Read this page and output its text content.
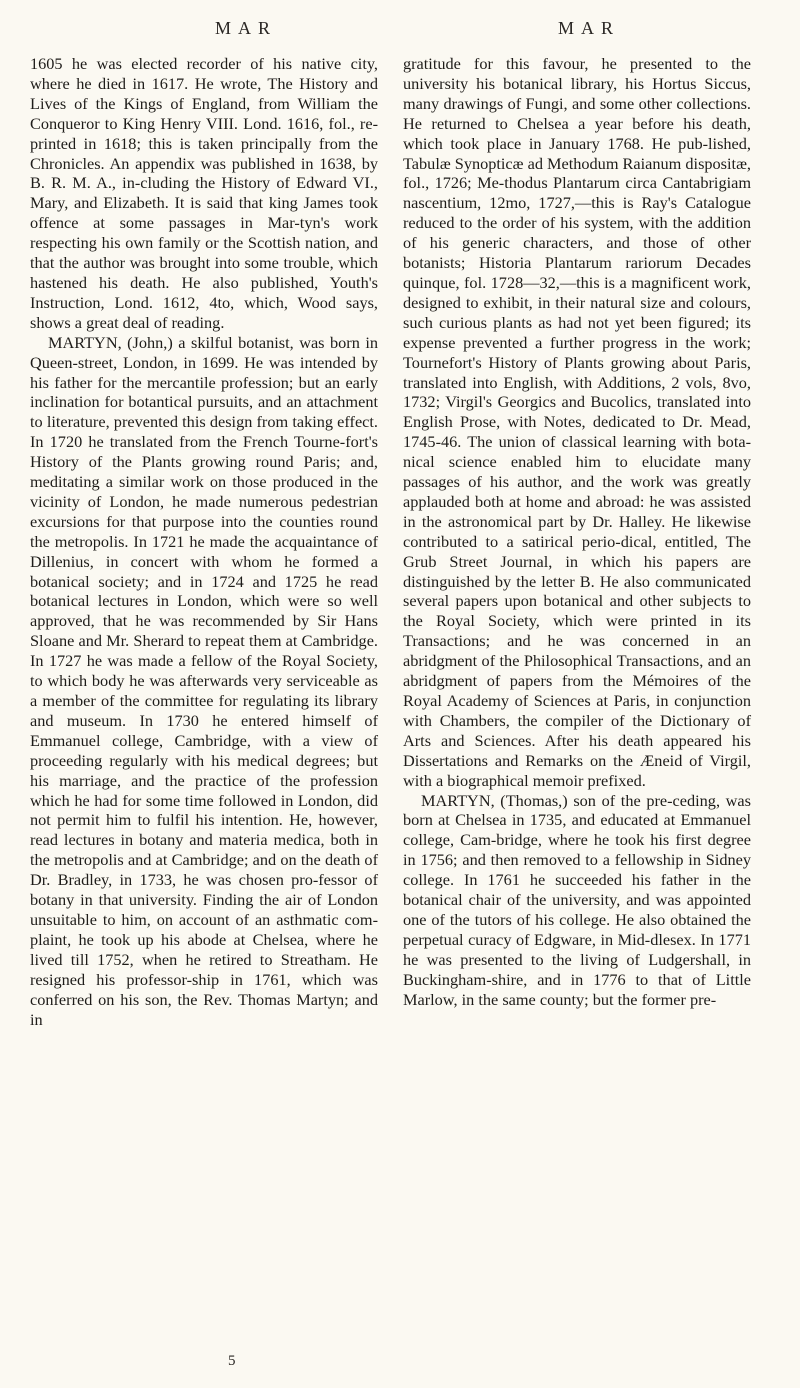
MAR	MAR

1605 he was elected recorder of his native city, where he died in 1617. He wrote, The History and Lives of the Kings of England, from William the Conqueror to King Henry VIII. Lond. 1616, fol., re-printed in 1618; this is taken principally from the Chronicles. An appendix was published in 1638, by B. R. M. A., in-cluding the History of Edward VI., Mary, and Elizabeth. It is said that king James took offence at some passages in Mar-tyn's work respecting his own family or the Scottish nation, and that the author was brought into some trouble, which hastened his death. He also published, Youth's Instruction, Lond. 1612, 4to, which, Wood says, shows a great deal of reading.

MARTYN, (John,) a skilful botanist, was born in Queen-street, London, in 1699. He was intended by his father for the mercantile profession; but an early inclination for botantical pursuits, and an attachment to literature, prevented this design from taking effect. In 1720 he translated from the French Tourne-fort's History of the Plants growing round Paris; and, meditating a similar work on those produced in the vicinity of London, he made numerous pedestrian excursions for that purpose into the counties round the metropolis. In 1721 he made the acquaintance of Dillenius, in concert with whom he formed a botanical society; and in 1724 and 1725 he read botanical lectures in London, which were so well approved, that he was recommended by Sir Hans Sloane and Mr. Sherard to repeat them at Cambridge. In 1727 he was made a fellow of the Royal Society, to which body he was afterwards very serviceable as a member of the committee for regulating its library and museum. In 1730 he entered himself of Emmanuel college, Cambridge, with a view of proceeding regularly with his medical degrees; but his marriage, and the practice of the profession which he had for some time followed in London, did not permit him to fulfil his intention. He, however, read lectures in botany and materia medica, both in the metropolis and at Cambridge; and on the death of Dr. Bradley, in 1733, he was chosen pro-fessor of botany in that university. Finding the air of London unsuitable to him, on account of an asthmatic com-plaint, he took up his abode at Chelsea, where he lived till 1752, when he retired to Streatham. He resigned his professor-ship in 1761, which was conferred on his son, the Rev. Thomas Martyn; and in

gratitude for this favour, he presented to the university his botanical library, his Hortus Siccus, many drawings of Fungi, and some other collections. He returned to Chelsea a year before his death, which took place in January 1768. He pub-lished, Tabulæ Synopticæ ad Methodum Raianum dispositæ, fol., 1726; Me-thodus Plantarum circa Cantabrigiam nascentium, 12mo, 1727,—this is Ray's Catalogue reduced to the order of his system, with the addition of his generic characters, and those of other botanists; Historia Plantarum rariorum Decades quinque, fol. 1728—32,—this is a magnificent work, designed to exhibit, in their natural size and colours, such curious plants as had not yet been figured; its expense prevented a further progress in the work; Tournefort's History of Plants growing about Paris, translated into English, with Additions, 2 vols, 8vo, 1732; Virgil's Georgics and Bucolics, translated into English Prose, with Notes, dedicated to Dr. Mead, 1745-46. The union of classical learning with bota-nical science enabled him to elucidate many passages of his author, and the work was greatly applauded both at home and abroad: he was assisted in the astronomical part by Dr. Halley. He likewise contributed to a satirical perio-dical, entitled, The Grub Street Journal, in which his papers are distinguished by the letter B. He also communicated several papers upon botanical and other subjects to the Royal Society, which were printed in its Transactions; and he was concerned in an abridgment of the Philosophical Transactions, and an abridgment of papers from the Mémoires of the Royal Academy of Sciences at Paris, in conjunction with Chambers, the compiler of the Dictionary of Arts and Sciences. After his death appeared his Dissertations and Remarks on the Æneid of Virgil, with a biographical memoir prefixed.

MARTYN, (Thomas,) son of the pre-ceding, was born at Chelsea in 1735, and educated at Emmanuel college, Cam-bridge, where he took his first degree in 1756; and then removed to a fellowship in Sidney college. In 1761 he succeeded his father in the botanical chair of the university, and was appointed one of the tutors of his college. He also obtained the perpetual curacy of Edgware, in Mid-dlesex. In 1771 he was presented to the living of Ludgershall, in Buckingham-shire, and in 1776 to that of Little Marlow, in the same county; but the former pre-

5
